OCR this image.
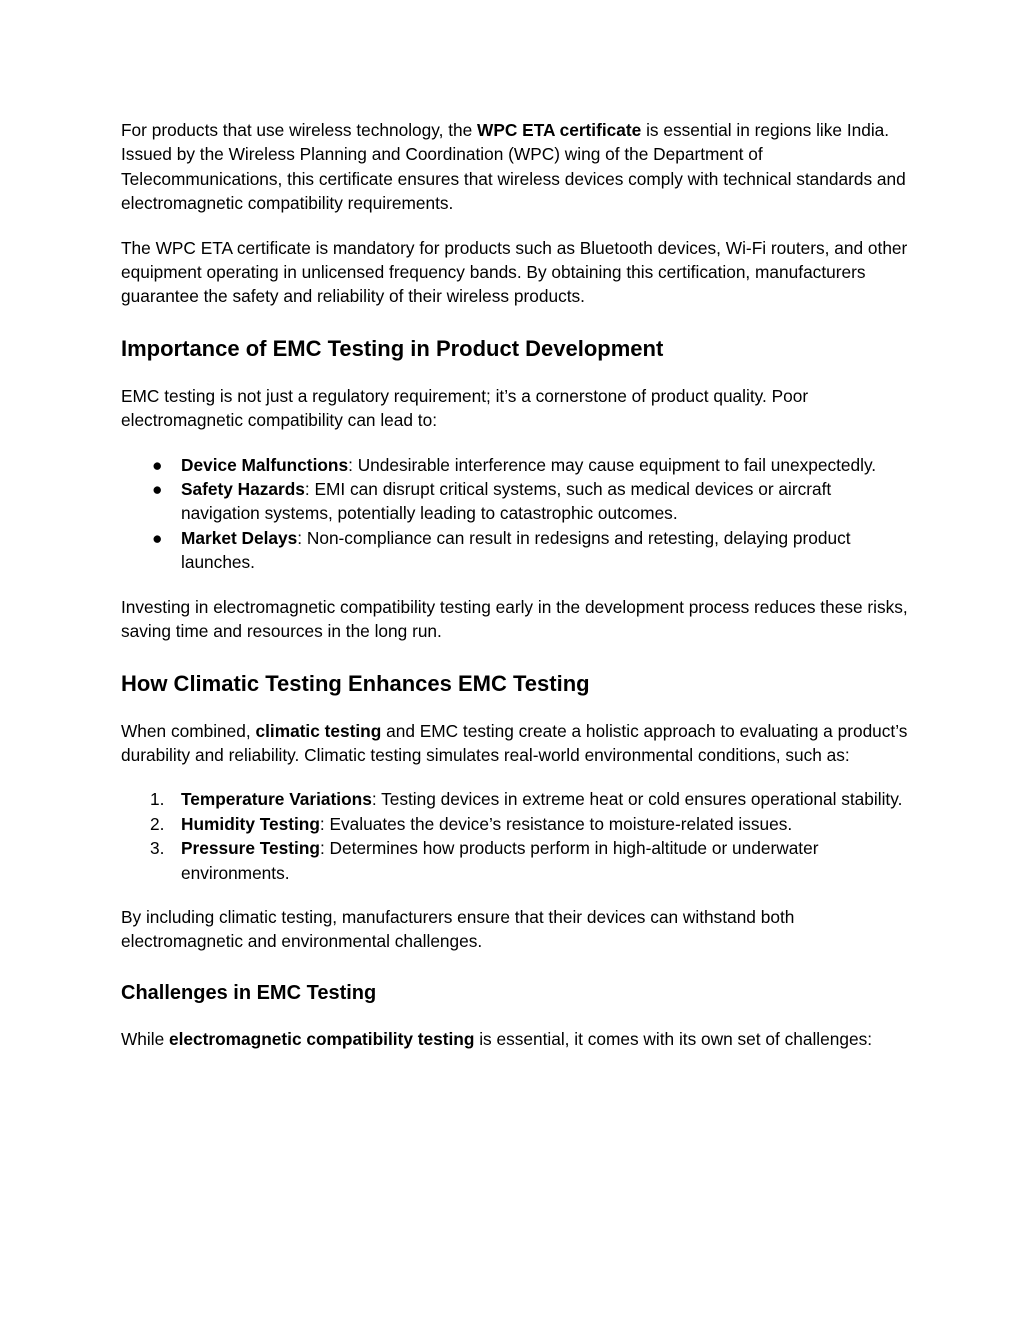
For products that use wireless technology, the WPC ETA certificate is essential in regions like India. Issued by the Wireless Planning and Coordination (WPC) wing of the Department of Telecommunications, this certificate ensures that wireless devices comply with technical standards and electromagnetic compatibility requirements.

The WPC ETA certificate is mandatory for products such as Bluetooth devices, Wi-Fi routers, and other equipment operating in unlicensed frequency bands. By obtaining this certification, manufacturers guarantee the safety and reliability of their wireless products.

Importance of EMC Testing in Product Development

EMC testing is not just a regulatory requirement; it’s a cornerstone of product quality. Poor electromagnetic compatibility can lead to:

● Device Malfunctions: Undesirable interference may cause equipment to fail unexpectedly.
● Safety Hazards: EMI can disrupt critical systems, such as medical devices or aircraft navigation systems, potentially leading to catastrophic outcomes.
● Market Delays: Non-compliance can result in redesigns and retesting, delaying product launches.

Investing in electromagnetic compatibility testing early in the development process reduces these risks, saving time and resources in the long run.

How Climatic Testing Enhances EMC Testing

When combined, climatic testing and EMC testing create a holistic approach to evaluating a product’s durability and reliability. Climatic testing simulates real-world environmental conditions, such as:

1. Temperature Variations: Testing devices in extreme heat or cold ensures operational stability.
2. Humidity Testing: Evaluates the device’s resistance to moisture-related issues.
3. Pressure Testing: Determines how products perform in high-altitude or underwater environments.

By including climatic testing, manufacturers ensure that their devices can withstand both electromagnetic and environmental challenges.

Challenges in EMC Testing

While electromagnetic compatibility testing is essential, it comes with its own set of challenges:
